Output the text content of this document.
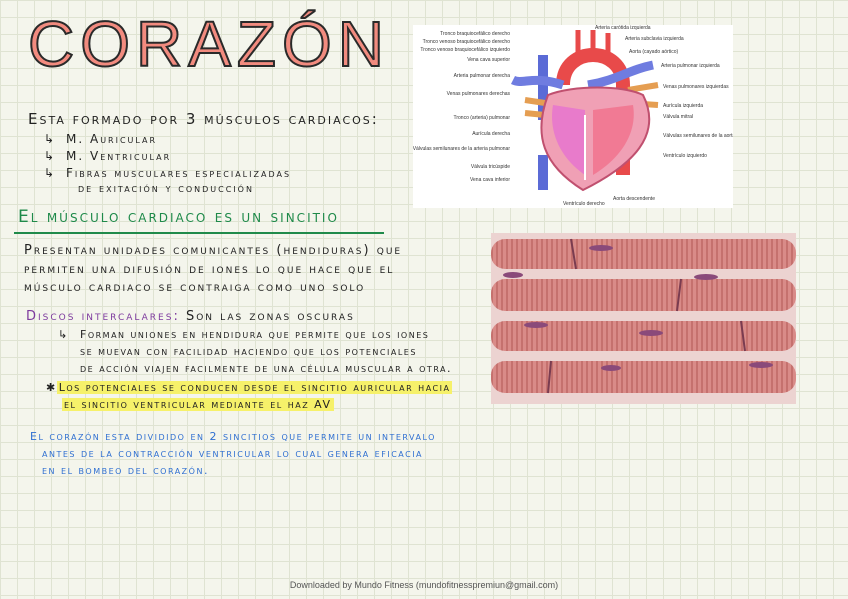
CORAZÓN
Esta formado por 3 músculos cardiacos:
↳ M. Auricular
↳ M. Ventricular
↳ Fibras musculares especializadas
de exitación y conducción
El músculo cardiaco es un sincitio
Presentan unidades comunicantes (hendiduras) que
permiten una difusión de iones lo que hace que el
músculo cardiaco se contraiga como uno solo
Discos intercalares: Son las zonas oscuras
↳ Forman uniones en hendidura que permite que los iones
se muevan con facilidad haciendo que los potenciales
de acción viajen facilmente de una célula muscular a otra.
✱ Los potenciales se conducen desde el sincitio auricular hacia
el sincitio ventricular mediante el haz AV
El corazón esta dividido en 2 sincitios que permite un intervalo
antes de la contracción ventricular lo cual genera eficacia
en el bombeo del corazón.
Tronco braquiocefálico derecho
Tronco venoso braquiocefálico derecho
Tronco venoso braquiocefálico izquierdo
Vena cava superior
Arteria pulmonar derecha
Venas pulmonares derechas
Tronco (arteria) pulmonar
Aurícula derecha
Válvulas semilunares de la arteria pulmonar
Válvula tricúspide
Vena cava inferior
Ventrículo derecho
Arteria carótida izquierda
Arteria subclavia izquierda
Aorta (cayado aórtico)
Arteria pulmonar izquierda
Venas pulmonares izquierdas
Aurícula izquierda
Válvula mitral
Válvulas semilunares de la aorta
Ventrículo izquierdo
Aorta descendente
Downloaded by Mundo Fitness (mundofitnesspremiun@gmail.com)
